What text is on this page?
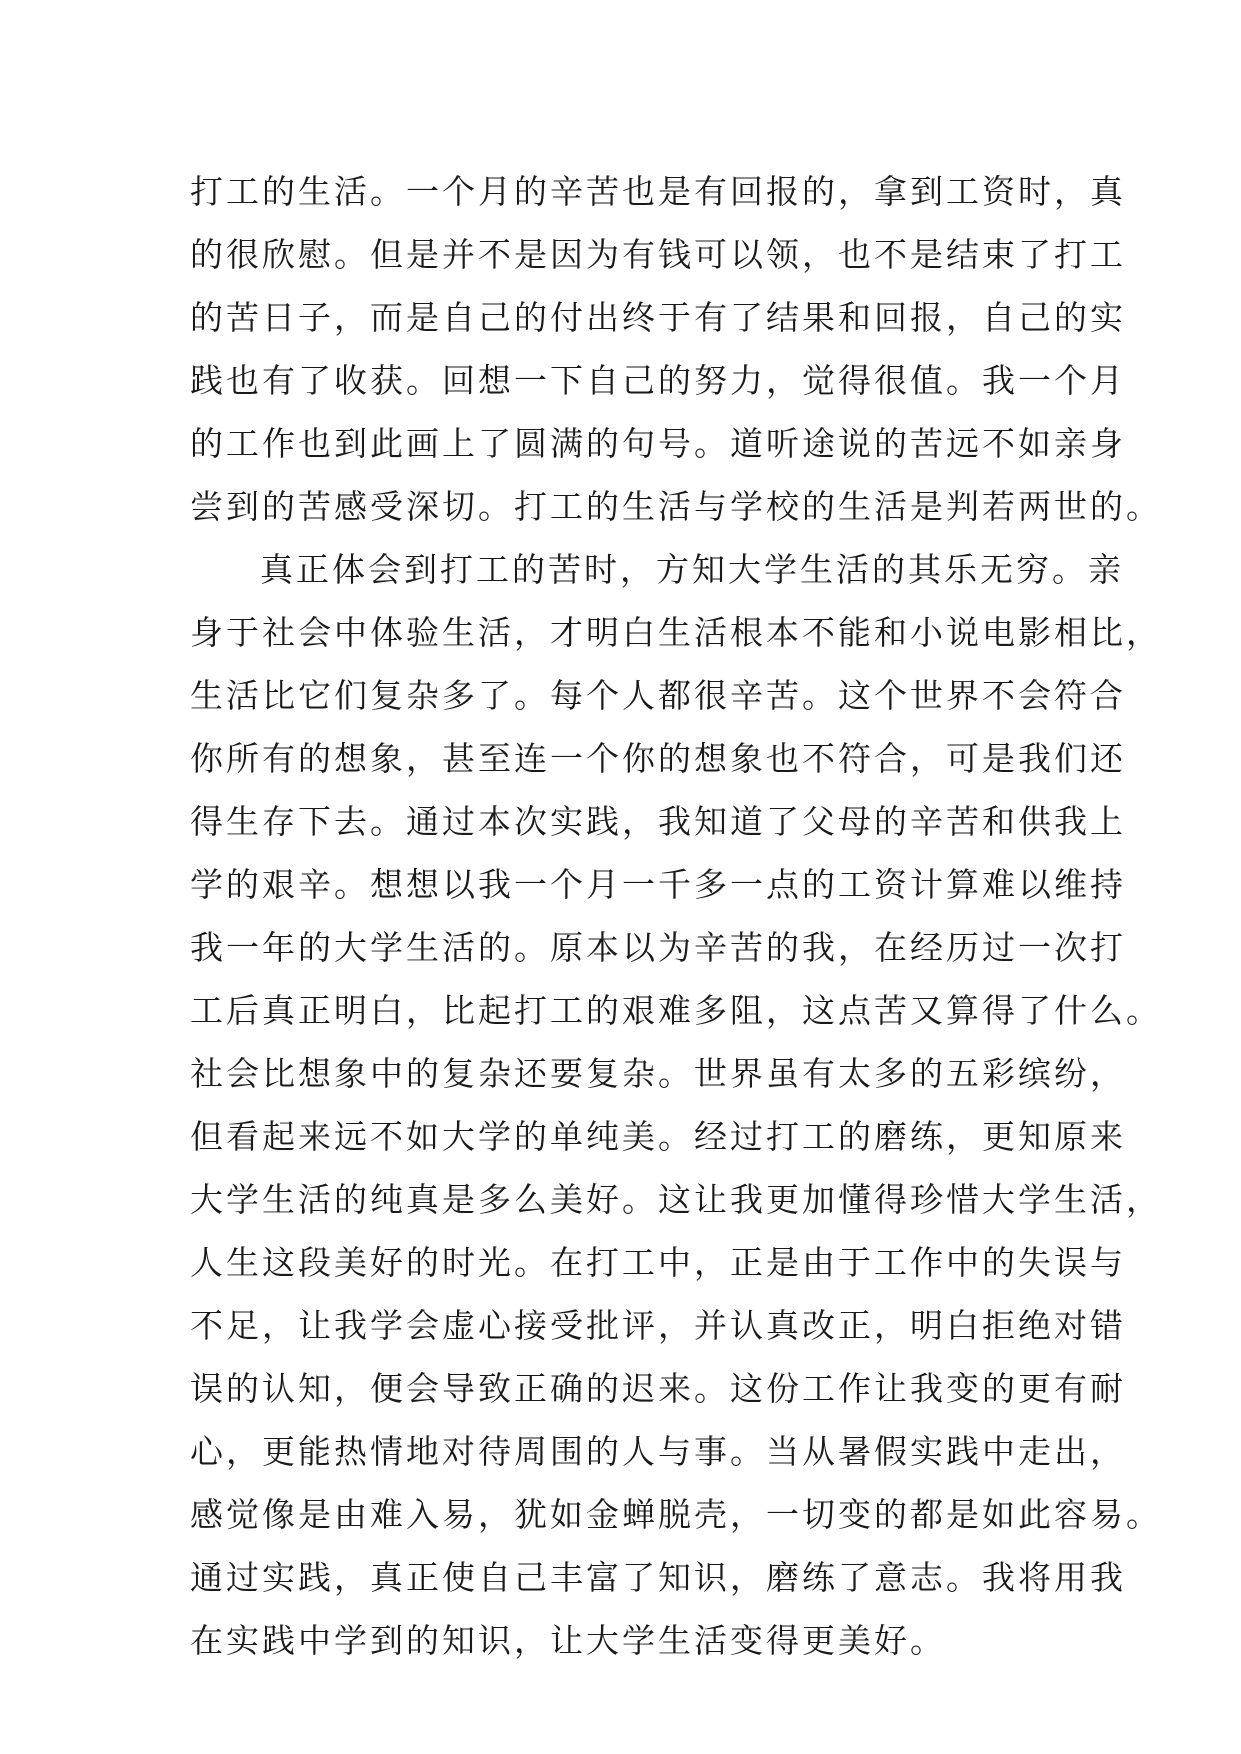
打工的生活。一个月的辛苦也是有回报的，拿到工资时，真
的很欣慰。但是并不是因为有钱可以领，也不是结束了打工
的苦日子，而是自己的付出终于有了结果和回报，自己的实
践也有了收获。回想一下自己的努力，觉得很值。我一个月
的工作也到此画上了圆满的句号。道听途说的苦远不如亲身
尝到的苦感受深切。打工的生活与学校的生活是判若两世的。
真正体会到打工的苦时，方知大学生活的其乐无穷。亲
身于社会中体验生活，才明白生活根本不能和小说电影相比，
生活比它们复杂多了。每个人都很辛苦。这个世界不会符合
你所有的想象，甚至连一个你的想象也不符合，可是我们还
得生存下去。通过本次实践，我知道了父母的辛苦和供我上
学的艰辛。想想以我一个月一千多一点的工资计算难以维持
我一年的大学生活的。原本以为辛苦的我，在经历过一次打
工后真正明白，比起打工的艰难多阻，这点苦又算得了什么。
社会比想象中的复杂还要复杂。世界虽有太多的五彩缤纷，
但看起来远不如大学的单纯美。经过打工的磨练，更知原来
大学生活的纯真是多么美好。这让我更加懂得珍惜大学生活，
人生这段美好的时光。在打工中，正是由于工作中的失误与
不足，让我学会虚心接受批评，并认真改正，明白拒绝对错
误的认知，便会导致正确的迟来。这份工作让我变的更有耐
心，更能热情地对待周围的人与事。当从暑假实践中走出，
感觉像是由难入易，犹如金蝉脱壳，一切变的都是如此容易。
通过实践，真正使自己丰富了知识，磨练了意志。我将用我
在实践中学到的知识，让大学生活变得更美好。
